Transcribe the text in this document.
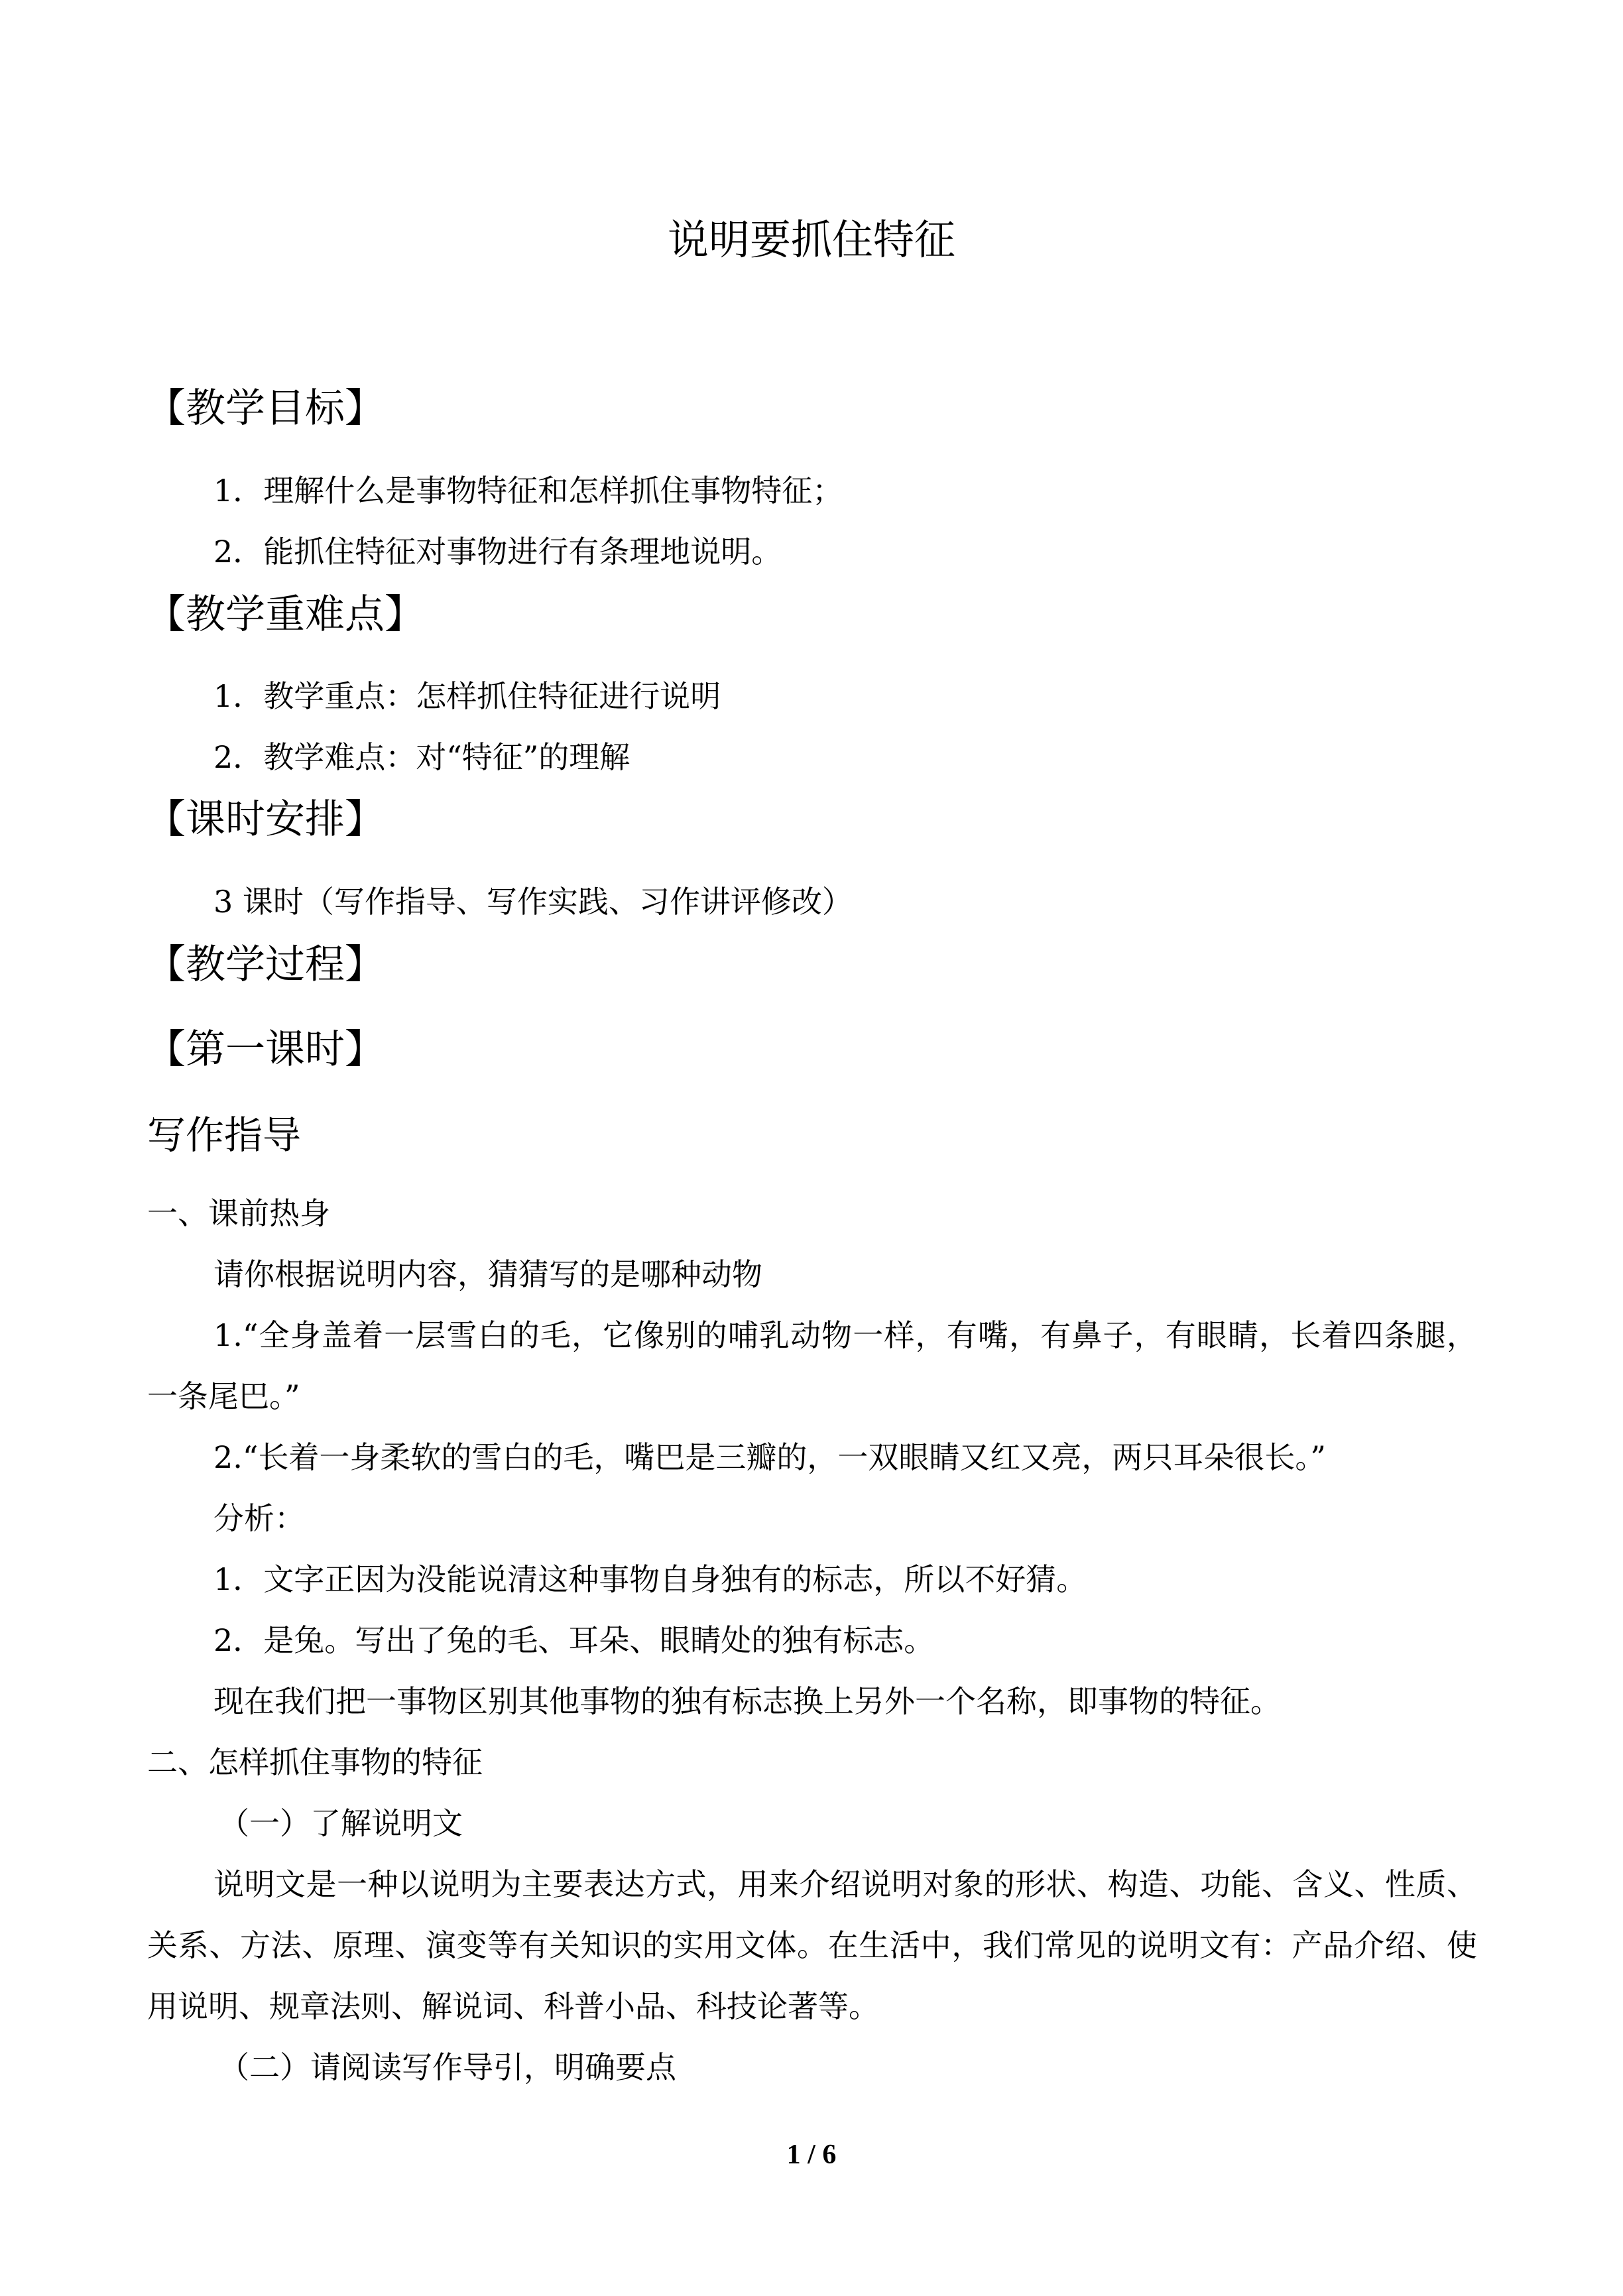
说明要抓住特征
【教学目标】

1．理解什么是事物特征和怎样抓住事物特征；

2．能抓住特征对事物进行有条理地说明。

【教学重难点】

1．教学重点：怎样抓住特征进行说明

2．教学难点：对“特征”的理解

【课时安排】

3 课时（写作指导、写作实践、习作讲评修改）

【教学过程】
【第一课时】
写作指导

一、课前热身

请你根据说明内容，猜猜写的是哪种动物

1.“全身盖着一层雪白的毛，它像别的哺乳动物一样，有嘴，有鼻子，有眼睛，长着四条腿，一条尾巴。”

2.“长着一身柔软的雪白的毛，嘴巴是三瓣的，一双眼睛又红又亮，两只耳朵很长。”

分析：

1．文字正因为没能说清这种事物自身独有的标志，所以不好猜。

2．是兔。写出了兔的毛、耳朵、眼睛处的独有标志。

现在我们把一事物区别其他事物的独有标志换上另外一个名称，即事物的特征。

二、怎样抓住事物的特征

（一）了解说明文

说明文是一种以说明为主要表达方式，用来介绍说明对象的形状、构造、功能、含义、性质、关系、方法、原理、演变等有关知识的实用文体。在生活中，我们常见的说明文有：产品介绍、使用说明、规章法则、解说词、科普小品、科技论著等。

（二）请阅读写作导引，明确要点

1 / 6
